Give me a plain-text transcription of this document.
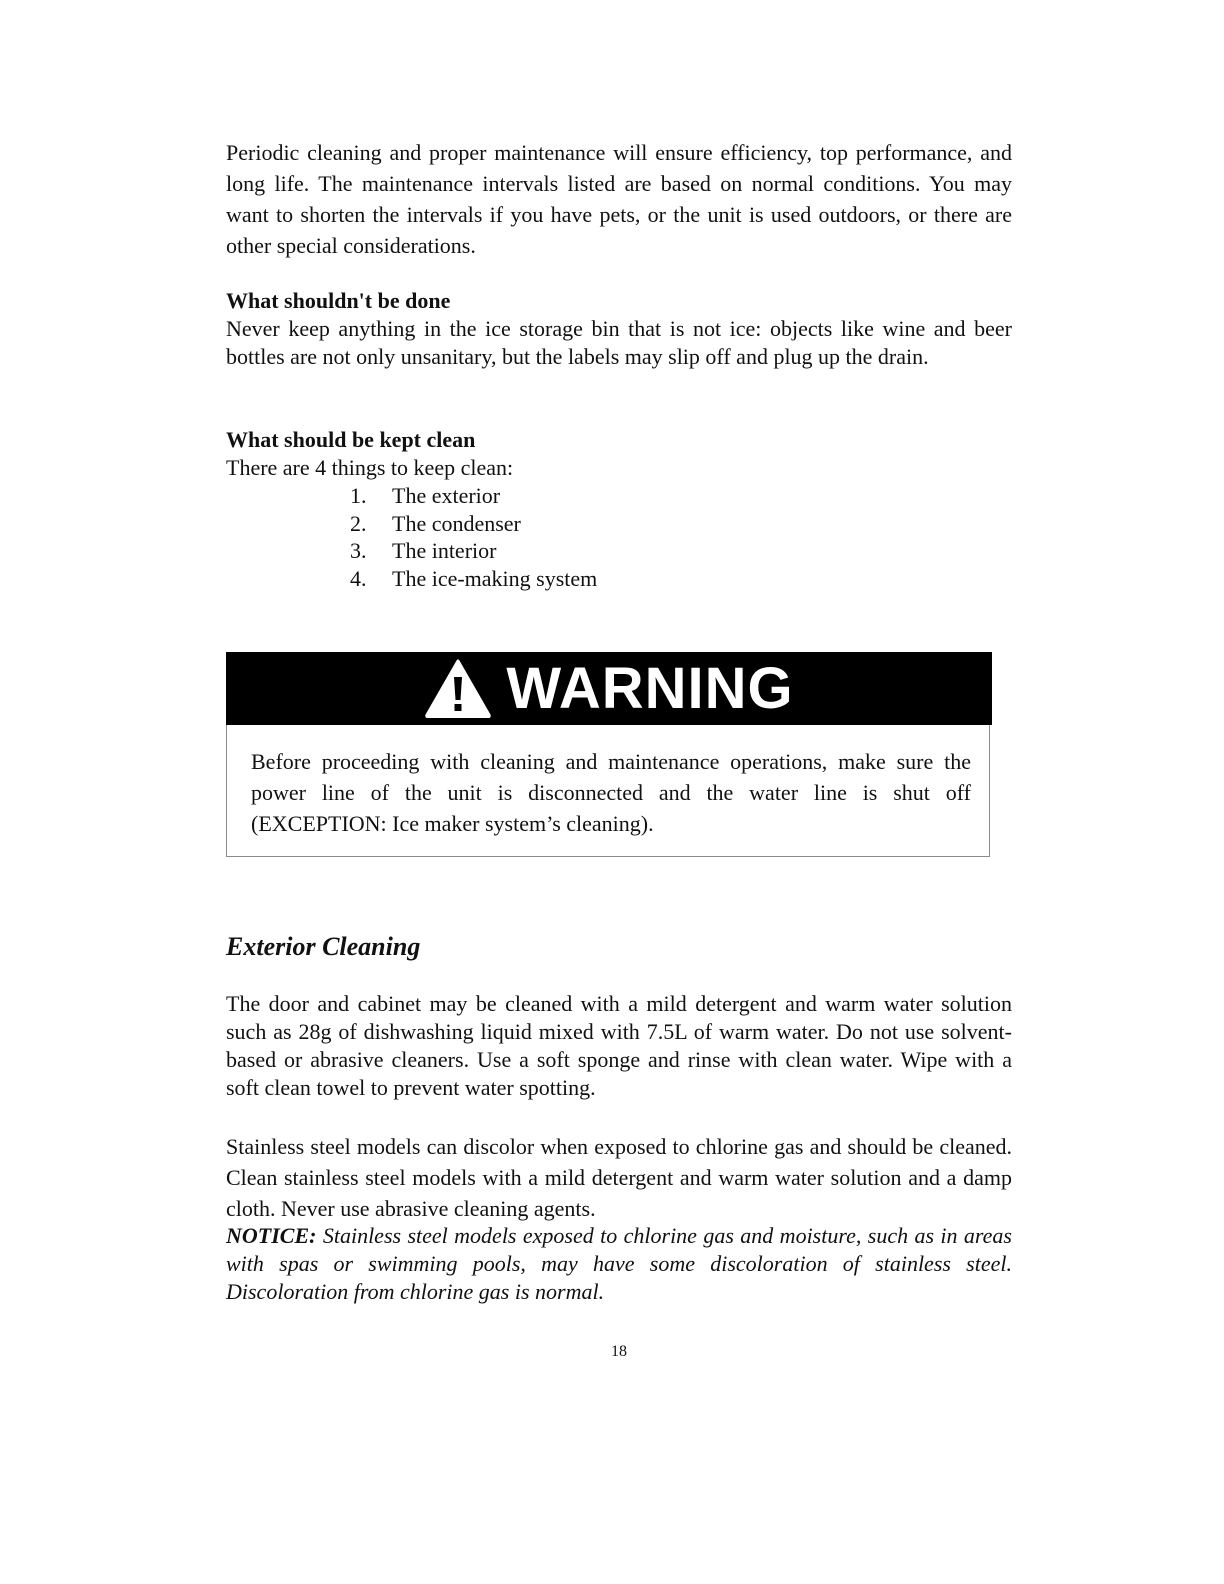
Periodic cleaning and proper maintenance will ensure efficiency, top performance, and long life. The maintenance intervals listed are based on normal conditions. You may want to shorten the intervals if you have pets, or the unit is used outdoors, or there are other special considerations.

What shouldn't be done

Never keep anything in the ice storage bin that is not ice: objects like wine and beer bottles are not only unsanitary, but the labels may slip off and plug up the drain.

What should be kept clean

There are 4 things to keep clean:

1.	The exterior
2.	The condenser
3.	The interior
4.	The ice-making system
WARNING

Before proceeding with cleaning and maintenance operations, make sure the power line of the unit is disconnected and the water line is shut off (EXCEPTION: Ice maker system’s cleaning).

Exterior Cleaning

The door and cabinet may be cleaned with a mild detergent and warm water solution such as 28g of dishwashing liquid mixed with 7.5L of warm water. Do not use solvent-based or abrasive cleaners. Use a soft sponge and rinse with clean water. Wipe with a soft clean towel to prevent water spotting.

Stainless steel models can discolor when exposed to chlorine gas and should be cleaned. Clean stainless steel models with a mild detergent and warm water solution and a damp cloth. Never use abrasive cleaning agents.

NOTICE: Stainless steel models exposed to chlorine gas and moisture, such as in areas with spas or swimming pools, may have some discoloration of stainless steel. Discoloration from chlorine gas is normal.

18
